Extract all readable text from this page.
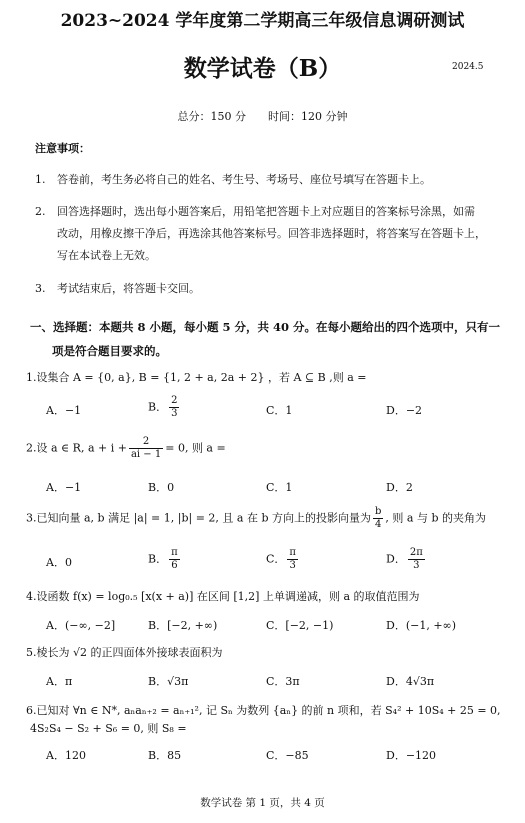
2023~2024 学年度第二学期高三年级信息调研测试
数学试卷（B）	2024.5
总分：150 分　　时间：120 分钟
注意事项：
1. 答卷前，考生务必将自己的姓名、考生号、考场号、座位号填写在答题卡上。
2. 回答选择题时，选出每小题答案后，用铅笔把答题卡上对应题目的答案标号涂黑，如需
改动，用橡皮擦干净后，再选涂其他答案标号。回答非选择题时，将答案写在答题卡上，
写在本试卷上无效。
3. 考试结束后，将答题卡交回。
一、选择题：本题共 8 小题，每小题 5 分，共 40 分。在每小题给出的四个选项中，只有一
项是符合题目要求的。
1.设集合 A = {0, a}, B = {1, 2 + a, 2a + 2} ，若 A ⊆ B ,则 a =
A．−1	B． $\frac{2}{3}$	C．1	D．−2
2.设 a ∈ R, $a + i + \frac{2}{ai - 1} = 0$, 则 a =
A．−1	B．0	C．1	D．2
3.已知向量 a, b 满足 |a| = 1, |b| = 2, 且 a 在 b 方向上的投影向量为 $\frac{b}{4}$ , 则 a 与 b 的夹角为
A．0	B． $\frac{\pi}{6}$	C． $\frac{\pi}{3}$	D． $\frac{2\pi}{3}$
4.设函数 f(x) = log₀.₅ [x(x + a)] 在区间 [1,2] 上单调递减，则 a 的取值范围为
A．(−∞, −2]	B．[−2, +∞)	C．[−2, −1)	D．(−1, +∞)
5.棱长为 √2 的正四面体外接球表面积为
A．π	B．√3π	C．3π	D．4√3π
6.已知对 ∀n ∈ N*, aₙaₙ₊₂ = aₙ₊₁², 记 Sₙ 为数列 {aₙ} 的前 n 项和，若 S₄² + 10S₄ + 25 = 0,
4S₂S₄ − S₂ + S₆ = 0, 则 S₈ =
A．120	B．85	C．−85	D．−120
数学试卷 第 1 页，共 4 页
